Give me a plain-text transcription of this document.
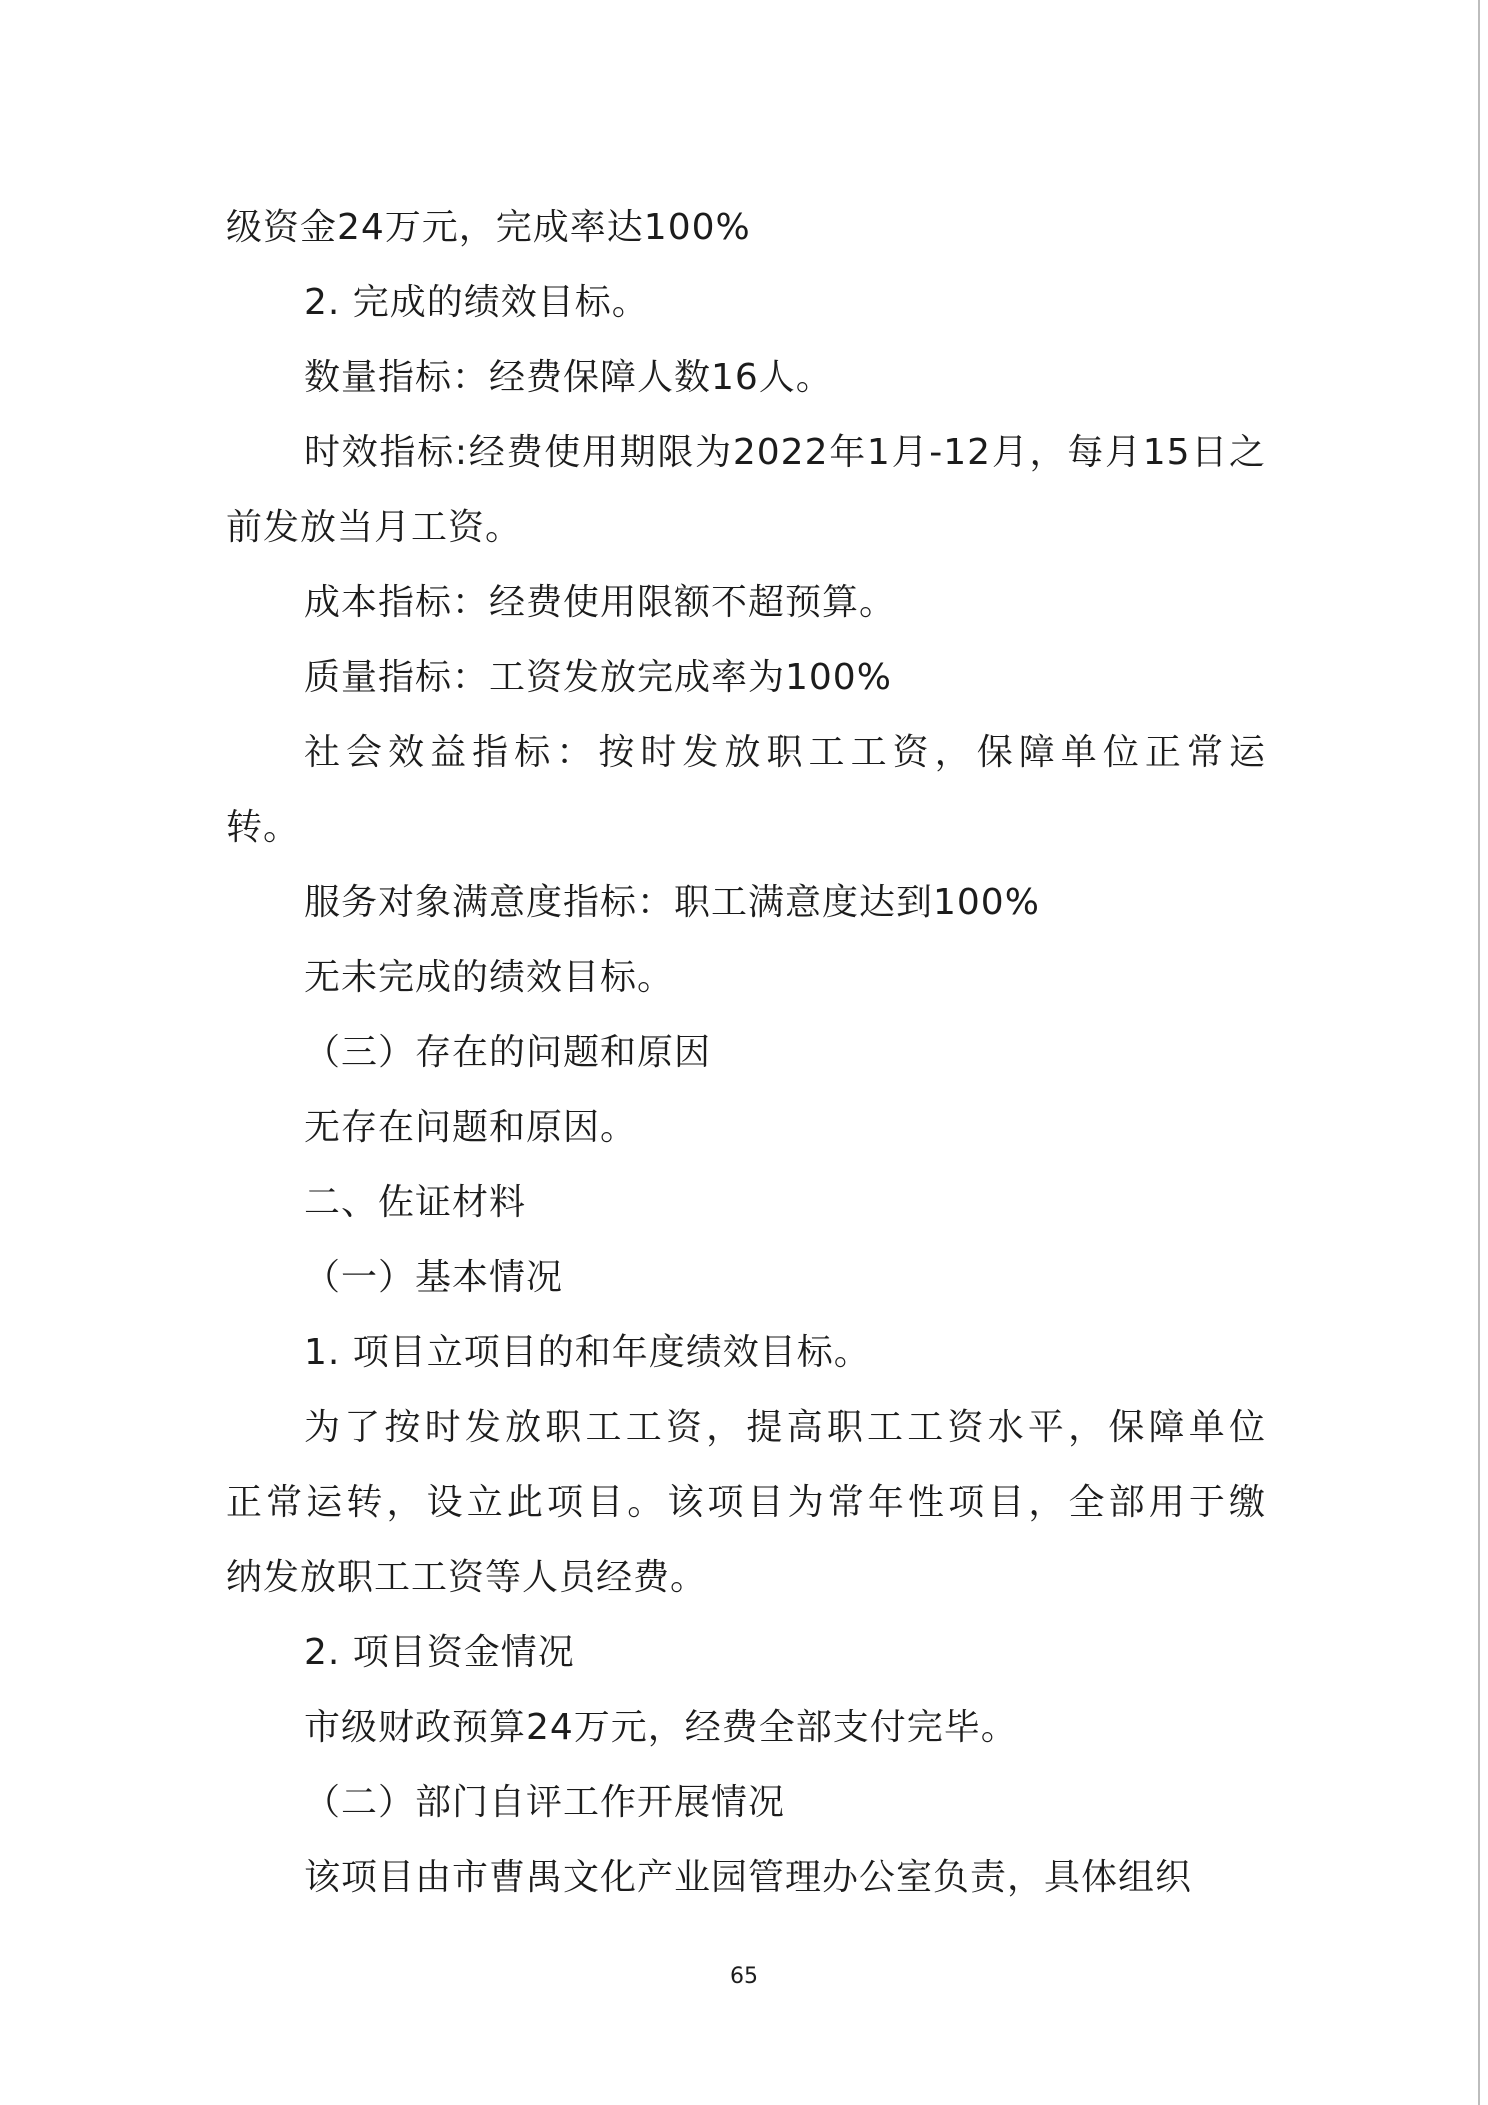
级资金24万元，完成率达100%
2. 完成的绩效目标。
数量指标：经费保障人数16人。
时效指标:经费使用期限为2022年1月-12月，每月15日之
前发放当月工资。
成本指标：经费使用限额不超预算。
质量指标：工资发放完成率为100%
社会效益指标：按时发放职工工资，保障单位正常运
转。
服务对象满意度指标：职工满意度达到100%
无未完成的绩效目标。
（三）存在的问题和原因
无存在问题和原因。
二、佐证材料
（一）基本情况
1. 项目立项目的和年度绩效目标。
为了按时发放职工工资，提高职工工资水平，保障单位
正常运转，设立此项目。该项目为常年性项目，全部用于缴
纳发放职工工资等人员经费。
2. 项目资金情况
市级财政预算24万元，经费全部支付完毕。
（二）部门自评工作开展情况
该项目由市曹禺文化产业园管理办公室负责，具体组织
65
